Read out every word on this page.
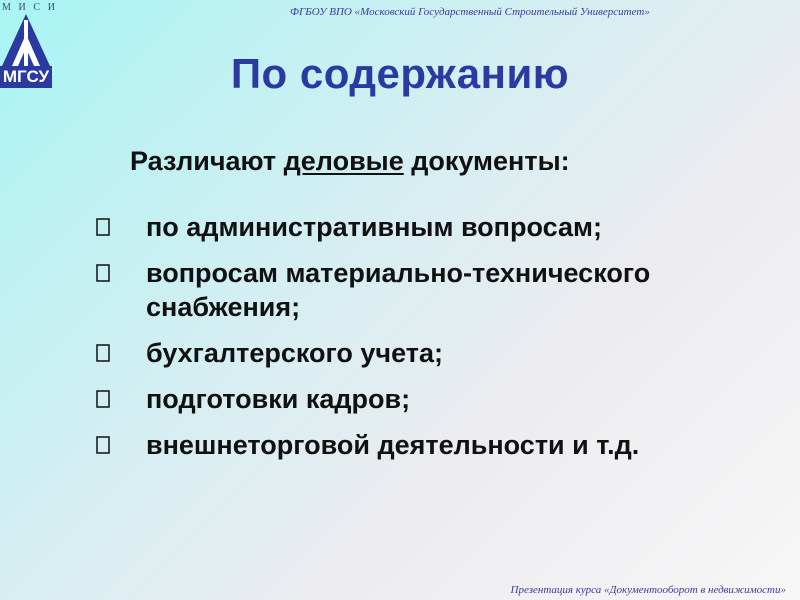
М И С И
МГСУ
ФГБОУ ВПО «Московский Государственный Строительный Университет»
По содержанию

Различают деловые документы:

по административным вопросам;
вопросам материально-технического снабжения;
бухгалтерского учета;
подготовки кадров;
внешнеторговой деятельности и т.д.
Презентация курса «Документооборот в недвижимости»
